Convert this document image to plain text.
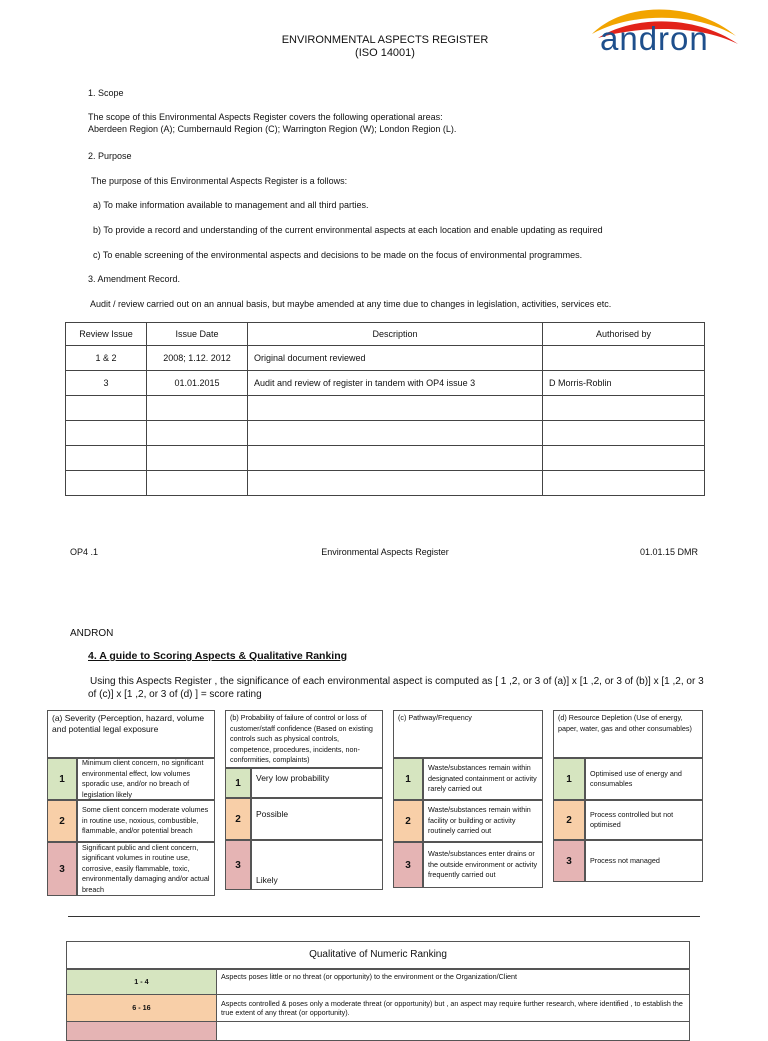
ENVIRONMENTAL ASPECTS REGISTER
(ISO 14001)	andron
1. Scope
The scope of this Environmental Aspects Register covers the following operational areas:
Aberdeen Region (A); Cumbernauld Region (C); Warrington Region (W); London Region (L).
2. Purpose
The purpose of this Environmental Aspects Register is a follows:
a) To make information available to management and all third parties.
b) To provide a record and understanding of the current environmental aspects at each location and enable updating as required
c) To enable screening of the environmental aspects and decisions to be made on the focus of environmental programmes.
3. Amendment Record.
Audit / review carried out on an annual basis, but maybe amended at any time due to changes in legislation, activities, services etc.
Review Issue	Issue Date	Description	Authorised by
1 & 2	2008; 1.12. 2012	Original document reviewed	
3	01.01.2015	Audit and review of register in tandem with OP4 issue 3	D Morris-Roblin

OP4 .1	Environmental Aspects Register	01.01.15 DMR
ANDRON
4. A guide to Scoring Aspects & Qualitative Ranking
Using this Aspects Register , the significance of each environmental aspect is computed as [ 1 ,2, or 3 of (a)] x [1 ,2, or 3 of (b)] x [1 ,2, or 3
of (c)] x [1 ,2, or 3 of (d) ] = score rating
(a) Severity (Perception, hazard, volume and potential legal exposure
1
Minimum client concern, no significant environmental effect, low volumes sporadic use, and/or no breach of legislation likely
2
Some client concern moderate volumes in routine use, noxious, combustible, flammable, and/or potential breach
3
Significant public and client concern, significant volumes in routine use, corrosive, easily flammable, toxic, environmentally damaging and/or actual breach
(b) Probability of failure of control or loss of customer/staff confidence (Based on existing controls such as physical controls, competence, procedures, incidents, non-conformities, complaints)
1	Very low probability
2	Possible
3
Likely
(c) Pathway/Frequency
1
Waste/substances remain within designated containment or activity rarely carried out
2
Waste/substances remain within facility or building or activity routinely carried out
3
Waste/substances enter drains or the outside environment or activity frequently carried out
(d) Resource Depletion (Use of energy, paper, water, gas and other consumables)
1
Optimised use of energy and consumables
2
Process controlled but not optimised
3	Process not managed
Qualitative of Numeric Ranking
1 - 4	Aspects poses little or no threat (or opportunity) to the environment or the Organization/Client
6 - 16	Aspects controlled & poses only a moderate threat (or opportunity) but , an aspect may require further research, where identified , to establish the true extent of any threat (or opportunity).
